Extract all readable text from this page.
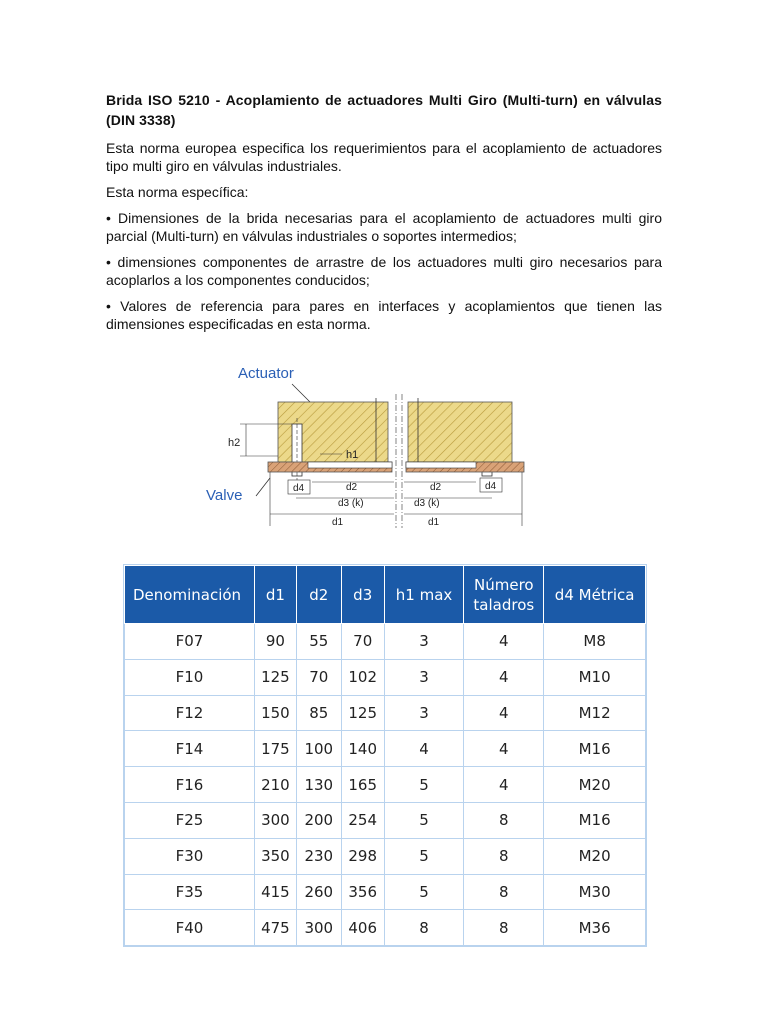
Brida ISO 5210 - Acoplamiento de actuadores Multi Giro (Multi-turn) en válvulas (DIN 3338)

Esta norma europea especifica los requerimientos para el acoplamiento de actuadores tipo multi giro en válvulas industriales.

Esta norma específica:

• Dimensiones de la brida necesarias para el acoplamiento de actuadores multi giro parcial (Multi-turn) en válvulas industriales o soportes intermedios;

• dimensiones componentes de arrastre de los actuadores multi giro necesarios para acoplarlos a los componentes conducidos;

• Valores de referencia para pares en interfaces y acoplamientos que tienen las dimensiones especificadas en esta norma.

Actuator
Valve
h2
h1
d4	d4
d2	d2
d3 (k)	d3 (k)
d1	d1
Denominación	d1	d2	d3	h1 max	Número taladros	d4 Métrica
F07	90	55	70	3	4	M8
F10	125	70	102	3	4	M10
F12	150	85	125	3	4	M12
F14	175	100	140	4	4	M16
F16	210	130	165	5	4	M20
F25	300	200	254	5	8	M16
F30	350	230	298	5	8	M20
F35	415	260	356	5	8	M30
F40	475	300	406	8	8	M36
